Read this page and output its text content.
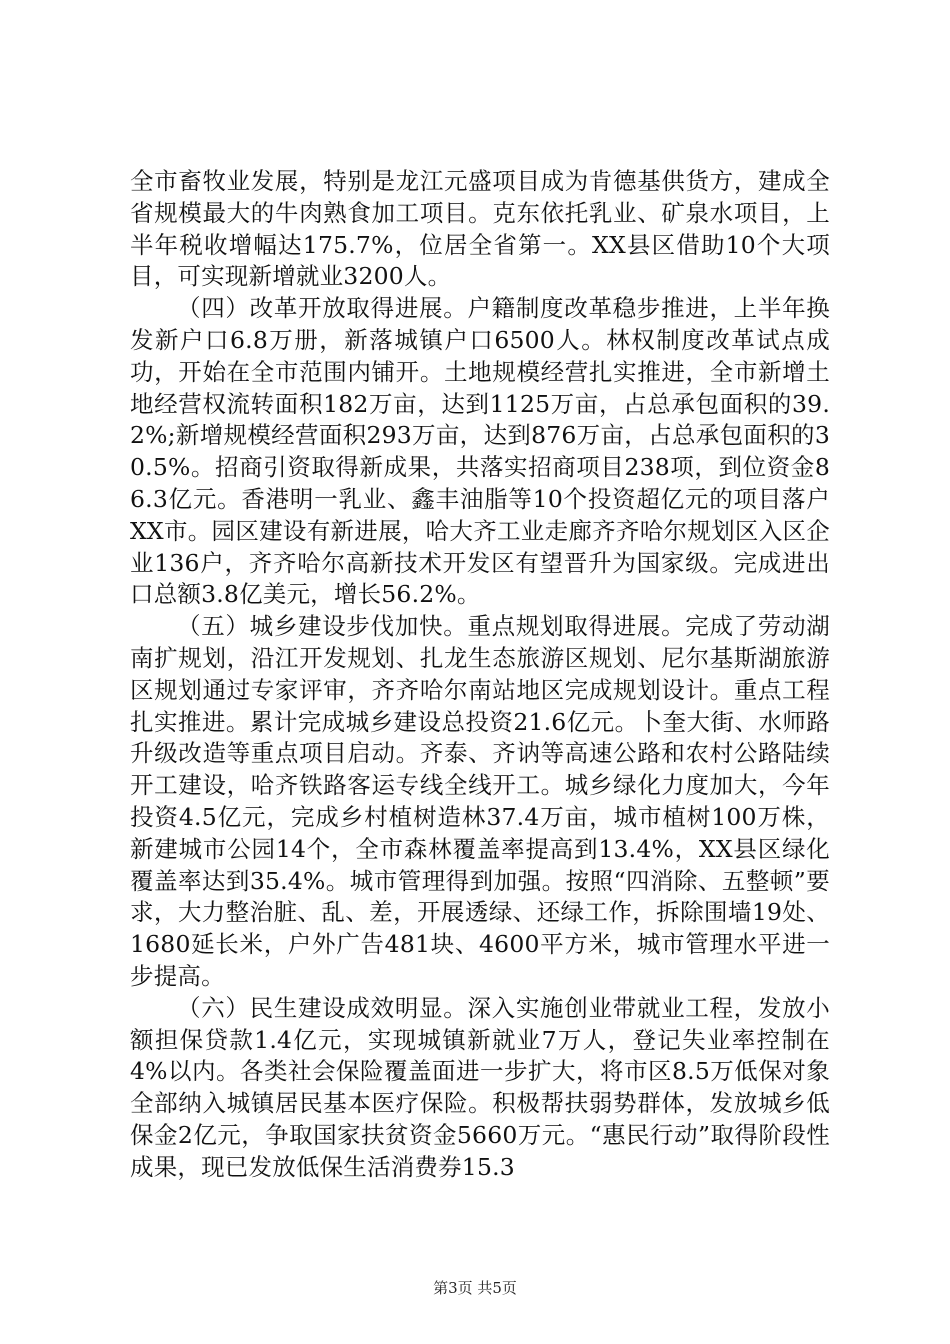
全市畜牧业发展，特别是龙江元盛项目成为肯德基供货方，建成全省规模最大的牛肉熟食加工项目。克东依托乳业、矿泉水项目，上半年税收增幅达175.7%，位居全省第一。XX县区借助10个大项目，可实现新增就业3200人。

（四）改革开放取得进展。户籍制度改革稳步推进，上半年换发新户口6.8万册，新落城镇户口6500人。林权制度改革试点成功，开始在全市范围内铺开。土地规模经营扎实推进，全市新增土地经营权流转面积182万亩，达到1125万亩，占总承包面积的39.2%;新增规模经营面积293万亩，达到876万亩，占总承包面积的30.5%。招商引资取得新成果，共落实招商项目238项，到位资金86.3亿元。香港明一乳业、鑫丰油脂等10个投资超亿元的项目落户XX市。园区建设有新进展，哈大齐工业走廊齐齐哈尔规划区入区企业136户，齐齐哈尔高新技术开发区有望晋升为国家级。完成进出口总额3.8亿美元，增长56.2%。

（五）城乡建设步伐加快。重点规划取得进展。完成了劳动湖南扩规划，沿江开发规划、扎龙生态旅游区规划、尼尔基斯湖旅游区规划通过专家评审，齐齐哈尔南站地区完成规划设计。重点工程扎实推进。累计完成城乡建设总投资21.6亿元。卜奎大街、水师路升级改造等重点项目启动。齐泰、齐讷等高速公路和农村公路陆续开工建设，哈齐铁路客运专线全线开工。城乡绿化力度加大，今年投资4.5亿元，完成乡村植树造林37.4万亩，城市植树100万株，新建城市公园14个，全市森林覆盖率提高到13.4%，XX县区绿化覆盖率达到35.4%。城市管理得到加强。按照“四消除、五整顿”要求，大力整治脏、乱、差，开展透绿、还绿工作，拆除围墙19处、1680延长米，户外广告481块、4600平方米，城市管理水平进一步提高。

（六）民生建设成效明显。深入实施创业带就业工程，发放小额担保贷款1.4亿元，实现城镇新就业7万人，登记失业率控制在4%以内。各类社会保险覆盖面进一步扩大，将市区8.5万低保对象全部纳入城镇居民基本医疗保险。积极帮扶弱势群体，发放城乡低保金2亿元，争取国家扶贫资金5660万元。“惠民行动”取得阶段性成果，现已发放低保生活消费券15.3

第3页 共5页
